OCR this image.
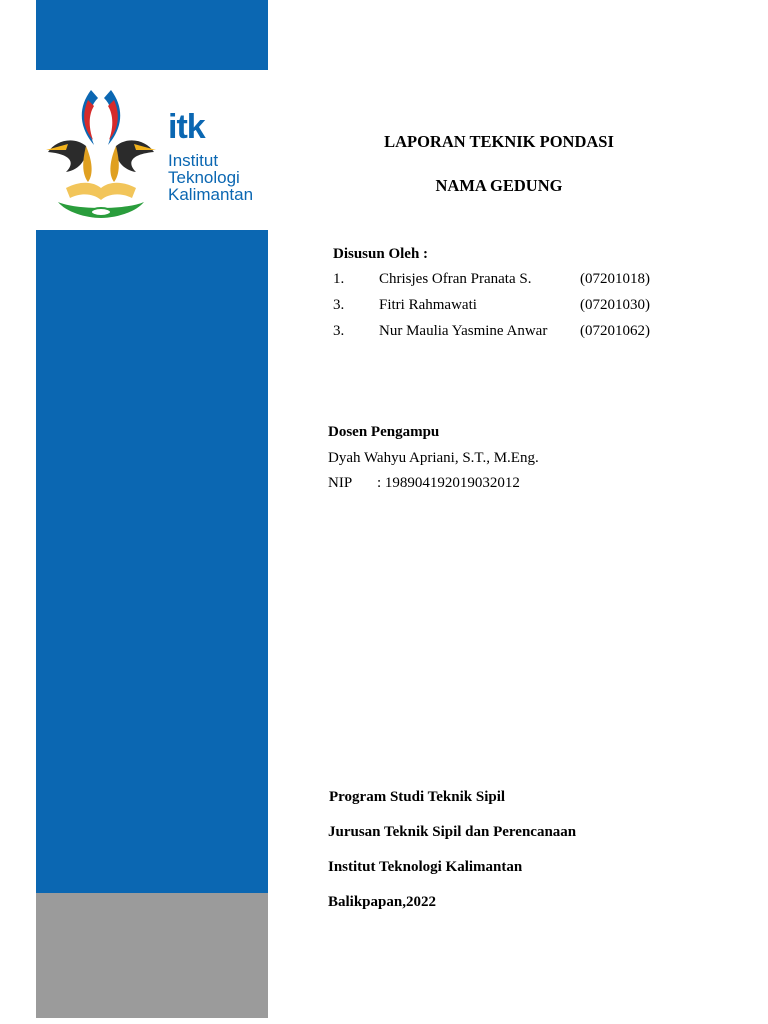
itk
Institut
Teknologi
Kalimantan
LAPORAN TEKNIK PONDASI
NAMA GEDUNG
Disusun Oleh :
1. Chrisjes Ofran Pranata S.	(07201018)
3. Fitri Rahmawati	(07201030)
3. Nur Maulia Yasmine Anwar (07201062)
Dosen Pengampu
Dyah Wahyu Apriani, S.T., M.Eng.
NIP : 198904192019032012
Program Studi Teknik Sipil
Jurusan Teknik Sipil dan Perencanaan
Institut Teknologi Kalimantan
Balikpapan,2022
